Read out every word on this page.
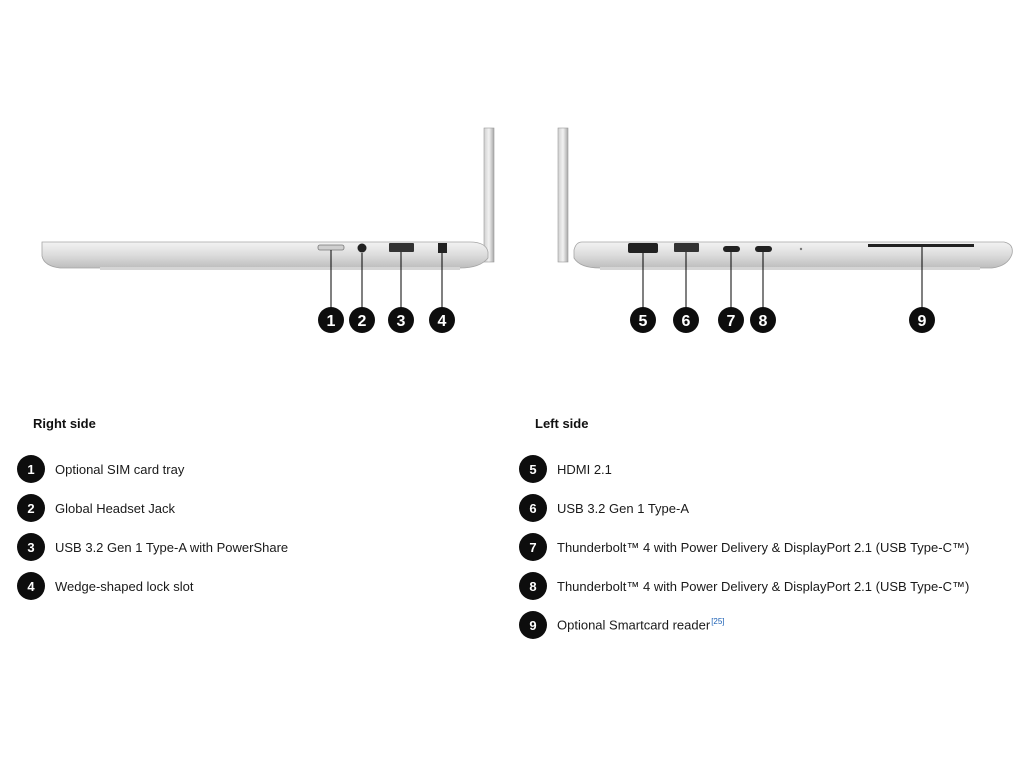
1 2 3 4	5 6 7 8	9
Right side
1	Optional SIM card tray
2	Global Headset Jack
3	USB 3.2 Gen 1 Type-A with PowerShare
4	Wedge-shaped lock slot
Left side
5	HDMI 2.1
6	USB 3.2 Gen 1 Type-A
7	Thunderbolt™ 4 with Power Delivery & DisplayPort 2.1 (USB Type-C™)
8	Thunderbolt™ 4 with Power Delivery & DisplayPort 2.1 (USB Type-C™)
9	Optional Smartcard reader[25]
